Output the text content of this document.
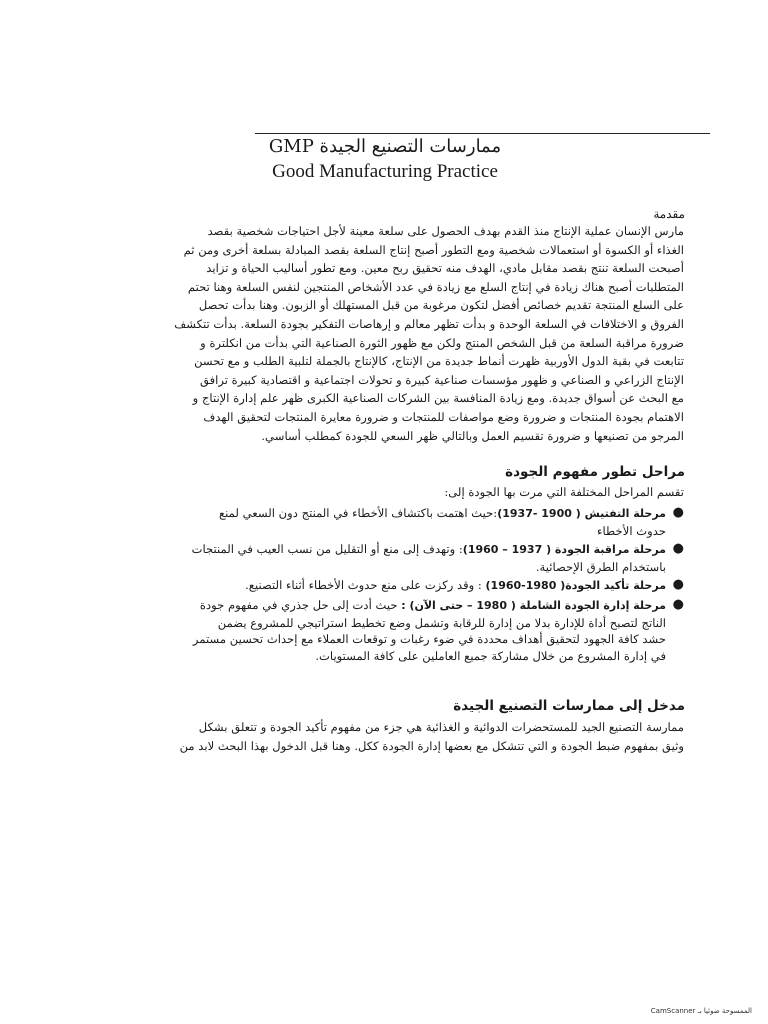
ممارسات التصنيع الجيدة GMP
Good Manufacturing Practice
مقدمة
مارس الإنسان عملية الإنتاج منذ القدم بهدف الحصول على سلعة معينة لأجل احتياجات شخصية بقصد
الغذاء أو الكسوة أو استعمالات شخصية ومع التطور أصبح إنتاج السلعة بقصد المبادلة بسلعة أخرى ومن ثم
أصبحت السلعة تنتج بقصد مقابل مادي، الهدف منه تحقيق ربح معين. ومع تطور أساليب الحياة و تزايد
المتطلبات أصبح هناك زيادة في إنتاج السلع مع زيادة في عدد الأشخاص المنتجين لنفس السلعة وهنا تحتم
على السلع المنتجة تقديم خصائص أفضل لتكون مرغوبة من قبل المستهلك أو الزبون. وهنا بدأت تحصل
الفروق و الاختلافات في السلعة الوحدة و بدأت تظهر معالم و إرهاصات التفكير بجودة السلعة. بدأت تتكشف
ضرورة مراقبة السلعة من قبل الشخص المنتج ولكن مع ظهور الثورة الصناعية التي بدأت من انكلترة و
تتابعت في بقية الدول الأوربية ظهرت أنماط جديدة من الإنتاج، كالإنتاج بالجملة لتلبية الطلب و مع تحسن
الإنتاج الزراعي و الصناعي و ظهور مؤسسات صناعية كبيرة و تحولات اجتماعية و اقتصادية كبيرة ترافق
مع البحث عن أسواق جديدة. ومع زيادة المنافسة بين الشركات الصناعية الكبرى ظهر علم إدارة الإنتاج و
الاهتمام بجودة المنتجات و ضرورة وضع مواصفات للمنتجات و ضرورة معايرة المنتجات لتحقيق الهدف
المرجو من تصنيعها و ضرورة تقسيم العمل وبالتالي ظهر السعي للجودة كمطلب أساسي.
مراحل تطور مفهوم الجودة
تقسم المراحل المختلفة التي مرت بها الجودة إلى:
●
مرحلة التفتيش ( 1900 -1937):حيث اهتمت باكتشاف الأخطاء في المنتج دون السعي لمنع
حدوث الأخطاء
●
مرحلة مراقبة الجودة ( 1937 – 1960): وتهدف إلى منع أو التقليل من نسب العيب في المنتجات
باستخدام الطرق الإحصائية.
●
مرحلة تأكيد الجودة( 1980-1960) : وقد ركزت على منع حدوث الأخطاء أثناء التصنيع.
●
مرحلة إدارة الجودة الشاملة ( 1980 – حتى الآن) : حيث أدت إلى حل جذري في مفهوم جودة
الناتج لتصبح أداة للإدارة بدلا من إدارة للرقابة وتشمل وضع تخطيط استراتيجي للمشروع يضمن
حشد كافة الجهود لتحقيق أهداف محددة في ضوء رغبات و توقعات العملاء مع إحداث تحسين مستمر
في إدارة المشروع من خلال مشاركة جميع العاملين على كافة المستويات.
مدخل إلى ممارسات التصنيع الجيدة
ممارسة التصنيع الجيد للمستحضرات الدوائية و الغذائية هي جزء من مفهوم تأكيد الجودة و تتعلق بشكل
وثيق بمفهوم ضبط الجودة و التي تتشكل مع بعضها إدارة الجودة ككل. وهنا قبل الدخول بهذا البحث لابد من
CamScanner الممسوحة ضوئيا بـ
